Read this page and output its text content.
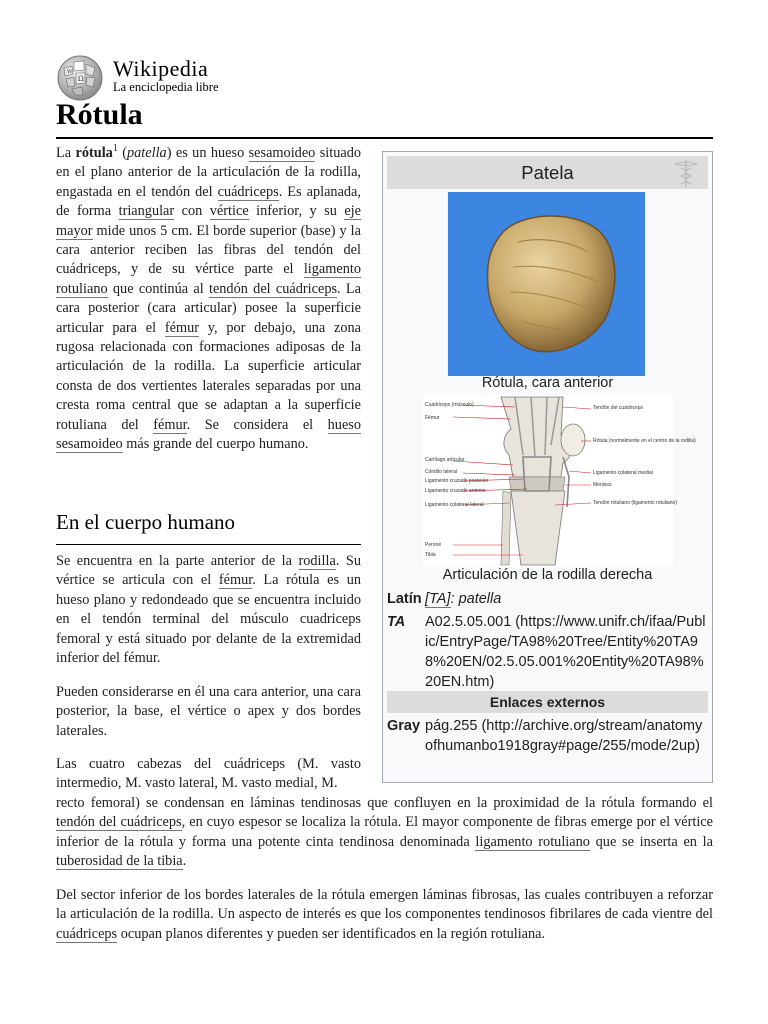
Ω
W Wikipedia
La enciclopedia libre
Rótula

La rótula$^1$ (patella) es un hueso sesamoideo situado en el plano anterior de la articulación de la rodilla, engastada en el tendón del cuádriceps. Es aplanada, de forma triangular con vértice inferior, y su eje mayor mide unos 5 cm. El borde superior (base) y la cara anterior reciben las fibras del tendón del cuádriceps, y de su vértice parte el ligamento rotuliano que continúa al tendón del cuádriceps. La cara posterior (cara articular) posee la superficie articular para el fémur y, por debajo, una zona rugosa relacionada con formaciones adiposas de la articulación de la rodilla. La superficie articular consta de dos vertientes laterales separadas por una cresta roma central que se adaptan a la superficie rotuliana del fémur. Se considera el hueso sesamoideo más grande del cuerpo humano.

En el cuerpo humano

Se encuentra en la parte anterior de la rodilla. Su vértice se articula con el fémur. La rótula es un hueso plano y redondeado que se encuentra incluido en el tendón terminal del músculo cuadriceps femoral y está situado por delante de la extremidad inferior del fémur.

Pueden considerarse en él una cara anterior, una cara posterior, la base, el vértice o apex y dos bordes laterales.

Las cuatro cabezas del cuádriceps (M. vasto intermedio, M. vasto lateral, M. vasto medial, M.

recto femoral) se condensan en láminas tendinosas que confluyen en la proximidad de la rótula formando el tendón del cuádriceps, en cuyo espesor se localiza la rótula. El mayor componente de fibras emerge por el vértice inferior de la rótula y forma una potente cinta tendinosa denominada ligamento rotuliano que se inserta en la tuberosidad de la tibia.

Del sector inferior de los bordes laterales de la rótula emergen láminas fibrosas, las cuales contribuyen a reforzar la articulación de la rodilla. Un aspecto de interés es que los componentes tendinosos fibrilares de cada vientre del cuádriceps ocupan planos diferentes y pueden ser identificados en la región rotuliana.

Patela
Rótula, cara anterior
Cuádriceps (músculo)
Fémur
Cartílago articular
Cóndilo lateral
Ligamento cruzado posterior
Ligamento cruzado anterior
Ligamento colateral lateral
Peroné
Tibia
Tendón del cuádriceps
Rótula (normalmente en el centro de la rodilla)
Ligamento colateral medial
Menisco
Tendón rotuliano (ligamento rotuliano)
Articulación de la rodilla derecha
Latín [TA]: patella
TA A02.5.05.001 (https://www.unifr.ch/ifaa/Public/EntryPage/TA98%20Tree/Entity%20TA98%20EN/02.5.05.001%20Entity%20TA98%20EN.htm)
Enlaces externos
Gray pág.255 (http://archive.org/stream/anatomyofhumanbo1918gray#page/255/mode/2up)
